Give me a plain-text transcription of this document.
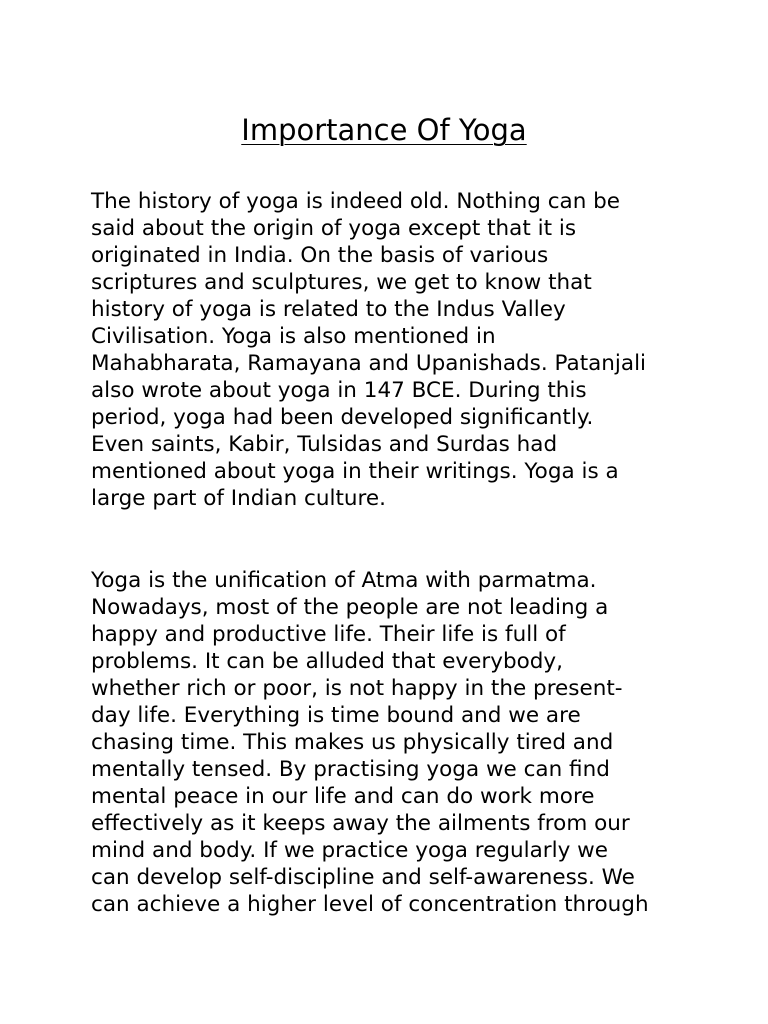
Importance Of Yoga

The history of yoga is indeed old. Nothing can be
said about the origin of yoga except that it is
originated in India. On the basis of various
scriptures and sculptures, we get to know that
history of yoga is related to the Indus Valley
Civilisation. Yoga is also mentioned in
Mahabharata, Ramayana and Upanishads. Patanjali
also wrote about yoga in 147 BCE. During this
period, yoga had been developed significantly.
Even saints, Kabir, Tulsidas and Surdas had
mentioned about yoga in their writings. Yoga is a
large part of Indian culture.

Yoga is the unification of Atma with parmatma.
Nowadays, most of the people are not leading a
happy and productive life. Their life is full of
problems. It can be alluded that everybody,
whether rich or poor, is not happy in the present-
day life. Everything is time bound and we are
chasing time. This makes us physically tired and
mentally tensed. By practising yoga we can find
mental peace in our life and can do work more
effectively as it keeps away the ailments from our
mind and body. If we practice yoga regularly we
can develop self-discipline and self-awareness. We
can achieve a higher level of concentration through
